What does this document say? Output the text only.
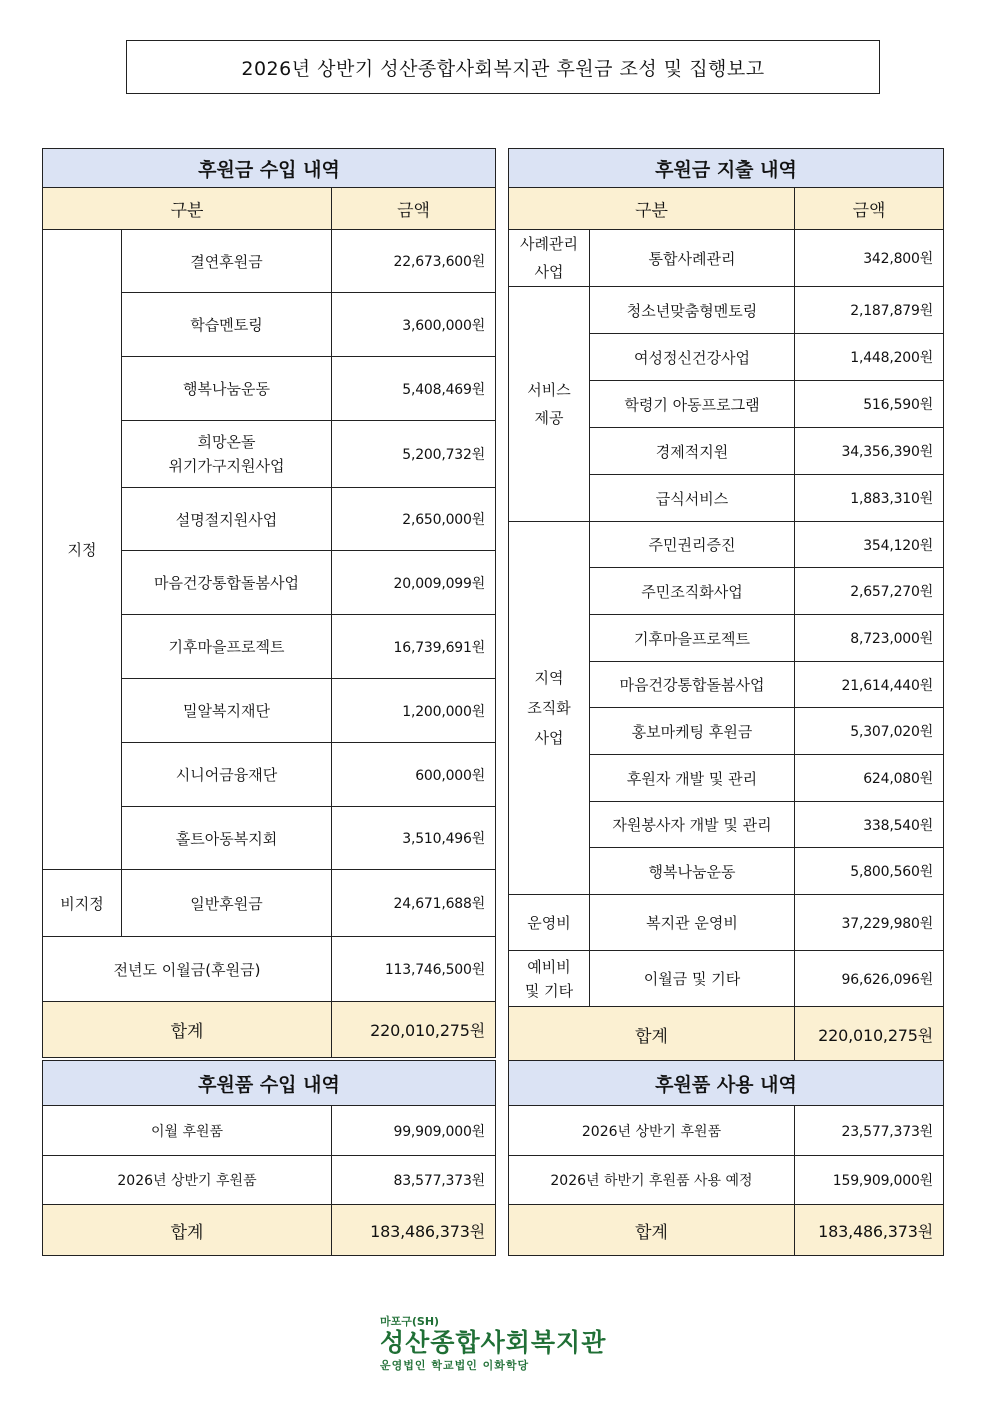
2026년 상반기 성산종합사회복지관 후원금 조성 및 집행보고
후원금 수입 내역		
구분		금액
지정	결연후원금	22,673,600원
	학습멘토링	3,600,000원
	행복나눔운동	5,408,469원
	희망온돌
위기가구지원사업	5,200,732원
	설명절지원사업	2,650,000원
	마음건강통합돌봄사업	20,009,099원
	기후마을프로젝트	16,739,691원
	밀알복지재단	1,200,000원
	시니어금융재단	600,000원
	홀트아동복지회	3,510,496원
비지정	일반후원금	24,671,688원
전년도 이월금(후원금)		113,746,500원
합계		220,010,275원
후원금 지출 내역		
구분		금액
사례관리
사업	통합사례관리	342,800원
서비스
제공	청소년맞춤형멘토링	2,187,879원
	여성정신건강사업	1,448,200원
	학령기 아동프로그램	516,590원
	경제적지원	34,356,390원
	급식서비스	1,883,310원
지역
조직화
사업	주민권리증진	354,120원
	주민조직화사업	2,657,270원
	기후마을프로젝트	8,723,000원
	마음건강통합돌봄사업	21,614,440원
	홍보마케팅 후원금	5,307,020원
	후원자 개발 및 관리	624,080원
	자원봉사자 개발 및 관리	338,540원
	행복나눔운동	5,800,560원
운영비	복지관 운영비	37,229,980원
예비비
및 기타	이월금 및 기타	96,626,096원
합계		220,010,275원
후원품 수입 내역	
이월 후원품	99,909,000원
2026년 상반기 후원품	83,577,373원
합계	183,486,373원
후원품 사용 내역	
2026년 상반기 후원품	23,577,373원
2026년 하반기 후원품 사용 예정	159,909,000원
합계	183,486,373원
마포구(SH)
성산종합사회복지관
운영법인 학교법인 이화학당
